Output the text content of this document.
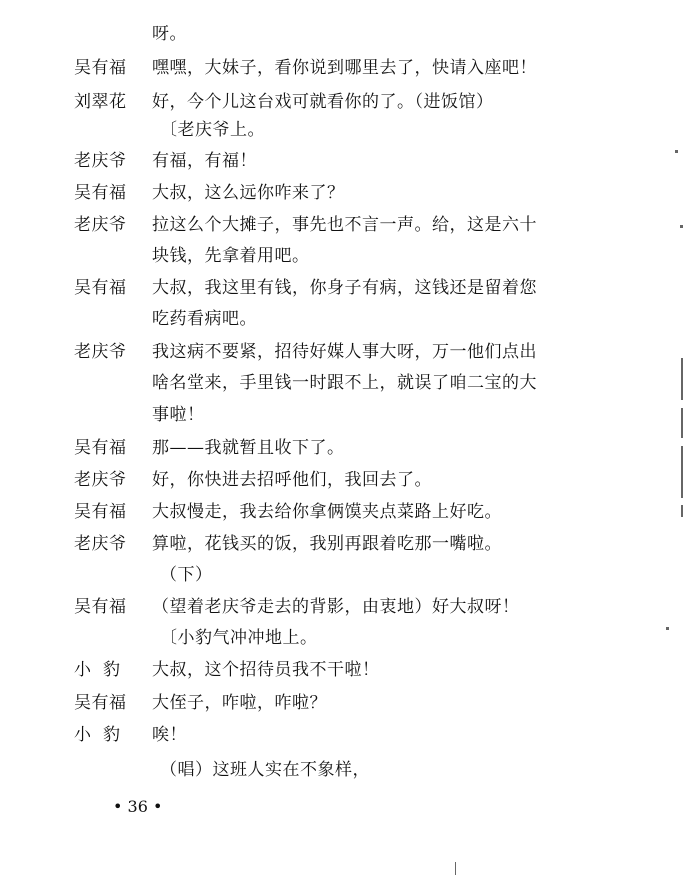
• 36 •
呀。
吴有福	嘿嘿，大妹子，看你说到哪里去了，快请入座吧！
刘翠花	好，今个儿这台戏可就看你的了。（进饭馆）
〔老庆爷上。
老庆爷	有福，有福！
吴有福	大叔，这么远你咋来了？
老庆爷	拉这么个大摊子，事先也不言一声。给，这是六十
块钱，先拿着用吧。
吴有福	大叔，我这里有钱，你身子有病，这钱还是留着您
吃药看病吧。
老庆爷	我这病不要紧，招待好媒人事大呀，万一他们点出
啥名堂来，手里钱一时跟不上，就误了咱二宝的大
事啦！
吴有福	那——我就暂且收下了。
老庆爷	好，你快进去招呼他们，我回去了。
吴有福	大叔慢走，我去给你拿俩馍夹点菜路上好吃。
老庆爷	算啦，花钱买的饭，我别再跟着吃那一嘴啦。
（下）
吴有福	（望着老庆爷走去的背影，由衷地）好大叔呀！
〔小豹气冲冲地上。
小豹	大叔，这个招待员我不干啦！
吴有福	大侄子，咋啦，咋啦？
小豹	唉！
（唱）这班人实在不象样，
